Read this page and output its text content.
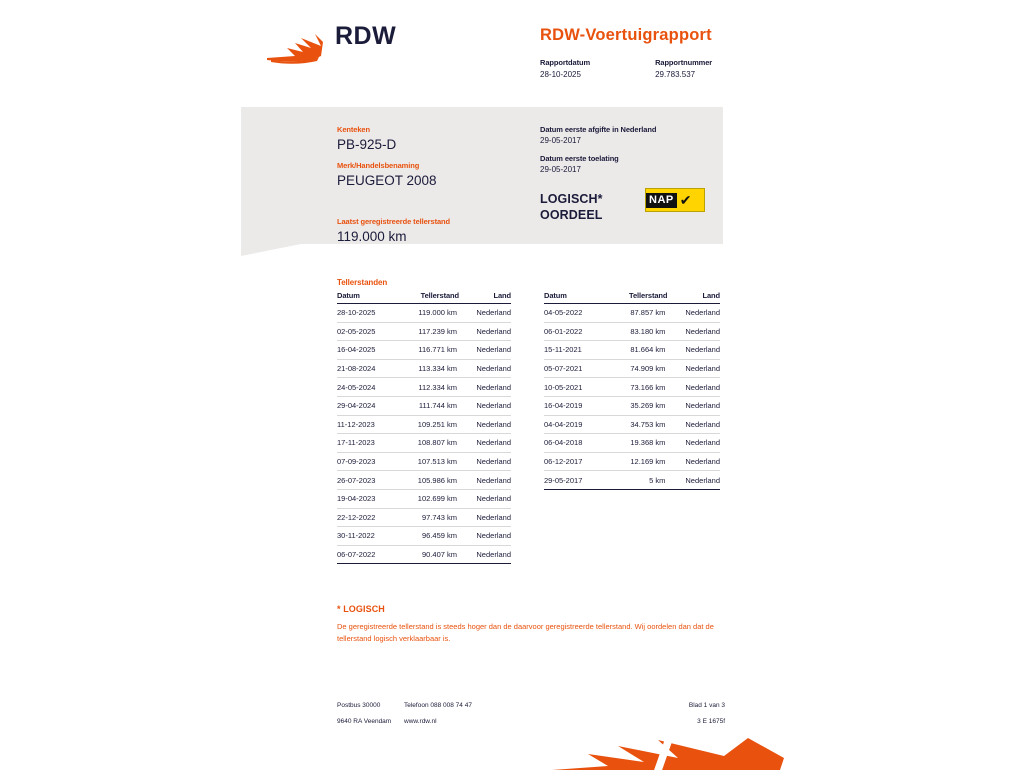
RDW	RDW-Voertuigrapport
Rapportdatum
28-10-2025
Rapportnummer
29.783.537
Kenteken
PB-925-D
Merk/Handelsbenaming
PEUGEOT 2008
Laatst geregistreerde tellerstand
119.000 km
Datum eerste afgifte in Nederland
29-05-2017
Datum eerste toelating
29-05-2017
LOGISCH*
OORDEEL
NAP ✔
Tellerstanden
Datum	Tellerstand	Land
28-10-2025	119.000 km	Nederland
02-05-2025	117.239 km	Nederland
16-04-2025	116.771 km	Nederland
21-08-2024	113.334 km	Nederland
24-05-2024	112.334 km	Nederland
29-04-2024	111.744 km	Nederland
11-12-2023	109.251 km	Nederland
17-11-2023	108.807 km	Nederland
07-09-2023	107.513 km	Nederland
26-07-2023	105.986 km	Nederland
19-04-2023	102.699 km	Nederland
22-12-2022	97.743 km	Nederland
30-11-2022	96.459 km	Nederland
06-07-2022	90.407 km	Nederland
Datum	Tellerstand	Land
04-05-2022	87.857 km	Nederland
06-01-2022	83.180 km	Nederland
15-11-2021	81.664 km	Nederland
05-07-2021	74.909 km	Nederland
10-05-2021	73.166 km	Nederland
16-04-2019	35.269 km	Nederland
04-04-2019	34.753 km	Nederland
06-04-2018	19.368 km	Nederland
06-12-2017	12.169 km	Nederland
29-05-2017	5 km	Nederland
* LOGISCH
De geregistreerde tellerstand is steeds hoger dan de daarvoor geregistreerde tellerstand. Wij oordelen dan dat de tellerstand logisch verklaarbaar is.
Postbus 30000
9640 RA Veendam
Telefoon 088 008 74 47
www.rdw.nl
Blad 1 van 3
3 E 1675f
